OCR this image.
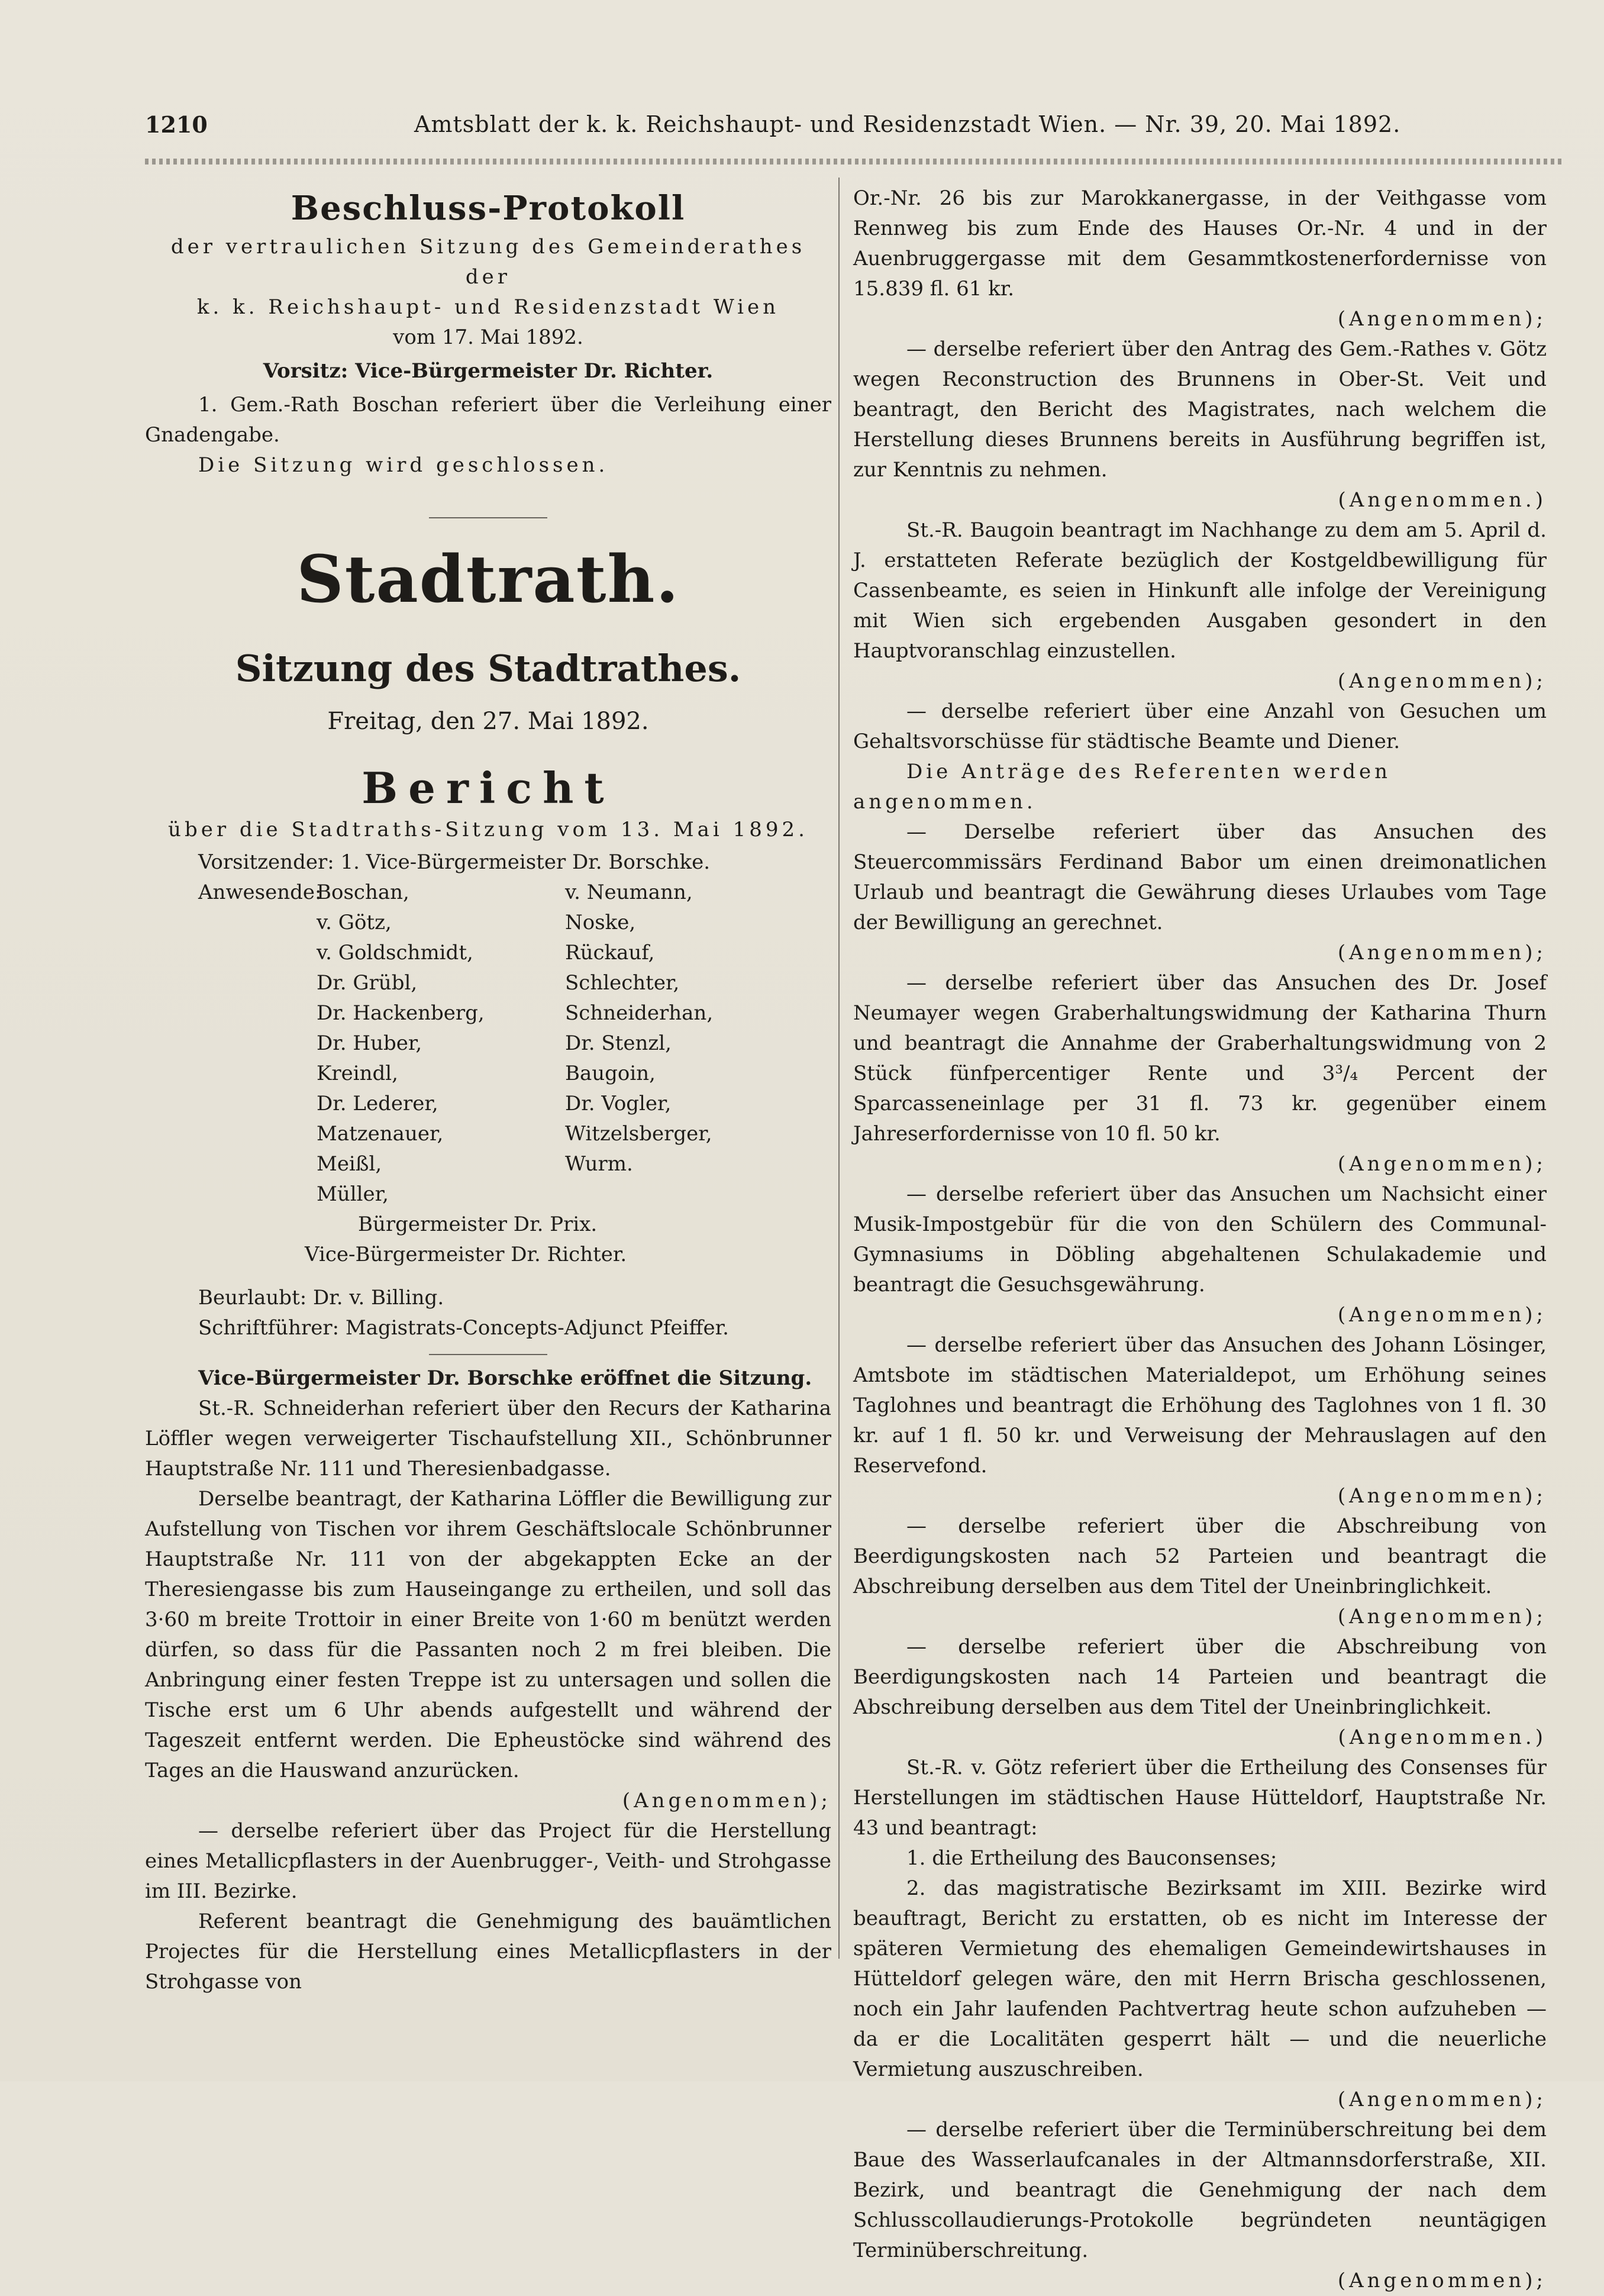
1210	Amtsblatt der k. k. Reichshaupt- und Residenzstadt Wien. — Nr. 39, 20. Mai 1892.
Beschluss-Protokoll
der vertraulichen Sitzung des Gemeinderathes der
k. k. Reichshaupt- und Residenzstadt Wien
vom 17. Mai 1892.
Vorsitz: Vice-Bürgermeister Dr. Richter.

1. Gem.-Rath Boschan referiert über die Verleihung einer Gnadengabe.

Die Sitzung wird geschlossen.
Stadtrath.
Sitzung des Stadtrathes.
Freitag, den 27. Mai 1892.
Bericht
über die Stadtraths-Sitzung vom 13. Mai 1892.
Vorsitzender: 1. Vice-Bürgermeister Dr. Borschke.
Anwesende:
Boschan,
v. Götz,
v. Goldschmidt,
Dr. Grübl,
Dr. Hackenberg,
Dr. Huber,
Kreindl,
Dr. Lederer,
Matzenauer,
Meißl,
Müller,
v. Neumann,
Noske,
Rückauf,
Schlechter,
Schneiderhan,
Dr. Stenzl,
Baugoin,
Dr. Vogler,
Witzelsberger,
Wurm.
Bürgermeister Dr. Prix.
Vice-Bürgermeister Dr. Richter.
Beurlaubt: Dr. v. Billing.
Schriftführer: Magistrats-Concepts-Adjunct Pfeiffer.
Vice-Bürgermeister Dr. Borschke eröffnet die Sitzung.

St.-R. Schneiderhan referiert über den Recurs der Katharina Löffler wegen verweigerter Tischaufstellung XII., Schönbrunner Hauptstraße Nr. 111 und Theresienbadgasse.

Derselbe beantragt, der Katharina Löffler die Bewilligung zur Aufstellung von Tischen vor ihrem Geschäftslocale Schönbrunner Hauptstraße Nr. 111 von der abgekappten Ecke an der Theresiengasse bis zum Hauseingange zu ertheilen, und soll das 3·60 m breite Trottoir in einer Breite von 1·60 m benützt werden dürfen, so dass für die Passanten noch 2 m frei bleiben. Die Anbringung einer festen Treppe ist zu untersagen und sollen die Tische erst um 6 Uhr abends aufgestellt und während der Tageszeit entfernt werden. Die Epheustöcke sind während des Tages an die Hauswand anzurücken.

(Angenommen);

— derselbe referiert über das Project für die Herstellung eines Metallicpflasters in der Auenbrugger-, Veith- und Strohgasse im III. Bezirke.

Referent beantragt die Genehmigung des bauämtlichen Projectes für die Herstellung eines Metallicpflasters in der Strohgasse von

Or.-Nr. 26 bis zur Marokkanergasse, in der Veithgasse vom Rennweg bis zum Ende des Hauses Or.-Nr. 4 und in der Auenbruggergasse mit dem Gesammtkostenerfordernisse von 15.839 fl. 61 kr.

(Angenommen);

— derselbe referiert über den Antrag des Gem.-Rathes v. Götz wegen Reconstruction des Brunnens in Ober-St. Veit und beantragt, den Bericht des Magistrates, nach welchem die Herstellung dieses Brunnens bereits in Ausführung begriffen ist, zur Kenntnis zu nehmen.

(Angenommen.)

St.-R. Baugoin beantragt im Nachhange zu dem am 5. April d. J. erstatteten Referate bezüglich der Kostgeldbewilligung für Cassenbeamte, es seien in Hinkunft alle infolge der Vereinigung mit Wien sich ergebenden Ausgaben gesondert in den Hauptvoranschlag einzustellen.

(Angenommen);

— derselbe referiert über eine Anzahl von Gesuchen um Gehaltsvorschüsse für städtische Beamte und Diener.

Die Anträge des Referenten werden angenommen.

— Derselbe referiert über das Ansuchen des Steuercommissärs Ferdinand Babor um einen dreimonatlichen Urlaub und beantragt die Gewährung dieses Urlaubes vom Tage der Bewilligung an gerechnet.

(Angenommen);

— derselbe referiert über das Ansuchen des Dr. Josef Neumayer wegen Graberhaltungswidmung der Katharina Thurn und beantragt die Annahme der Graberhaltungswidmung von 2 Stück fünfpercentiger Rente und 3³/₄ Percent der Sparcasseneinlage per 31 fl. 73 kr. gegenüber einem Jahreserfordernisse von 10 fl. 50 kr.

(Angenommen);

— derselbe referiert über das Ansuchen um Nachsicht einer Musik-Impostgebür für die von den Schülern des Communal-Gymnasiums in Döbling abgehaltenen Schulakademie und beantragt die Gesuchsgewährung.

(Angenommen);

— derselbe referiert über das Ansuchen des Johann Lösinger, Amtsbote im städtischen Materialdepot, um Erhöhung seines Taglohnes und beantragt die Erhöhung des Taglohnes von 1 fl. 30 kr. auf 1 fl. 50 kr. und Verweisung der Mehrauslagen auf den Reservefond.

(Angenommen);

— derselbe referiert über die Abschreibung von Beerdigungskosten nach 52 Parteien und beantragt die Abschreibung derselben aus dem Titel der Uneinbringlichkeit.

(Angenommen);

— derselbe referiert über die Abschreibung von Beerdigungskosten nach 14 Parteien und beantragt die Abschreibung derselben aus dem Titel der Uneinbringlichkeit.

(Angenommen.)

St.-R. v. Götz referiert über die Ertheilung des Consenses für Herstellungen im städtischen Hause Hütteldorf, Hauptstraße Nr. 43 und beantragt:

1. die Ertheilung des Bauconsenses;

2. das magistratische Bezirksamt im XIII. Bezirke wird beauftragt, Bericht zu erstatten, ob es nicht im Interesse der späteren Vermietung des ehemaligen Gemeindewirtshauses in Hütteldorf gelegen wäre, den mit Herrn Brischa geschlossenen, noch ein Jahr laufenden Pachtvertrag heute schon aufzuheben — da er die Localitäten gesperrt hält — und die neuerliche Vermietung auszuschreiben.

(Angenommen);

— derselbe referiert über die Terminüberschreitung bei dem Baue des Wasserlaufcanales in der Altmannsdorferstraße, XII. Bezirk, und beantragt die Genehmigung der nach dem Schlusscollaudierungs-Protokolle begründeten neuntägigen Terminüberschreitung.

(Angenommen);
